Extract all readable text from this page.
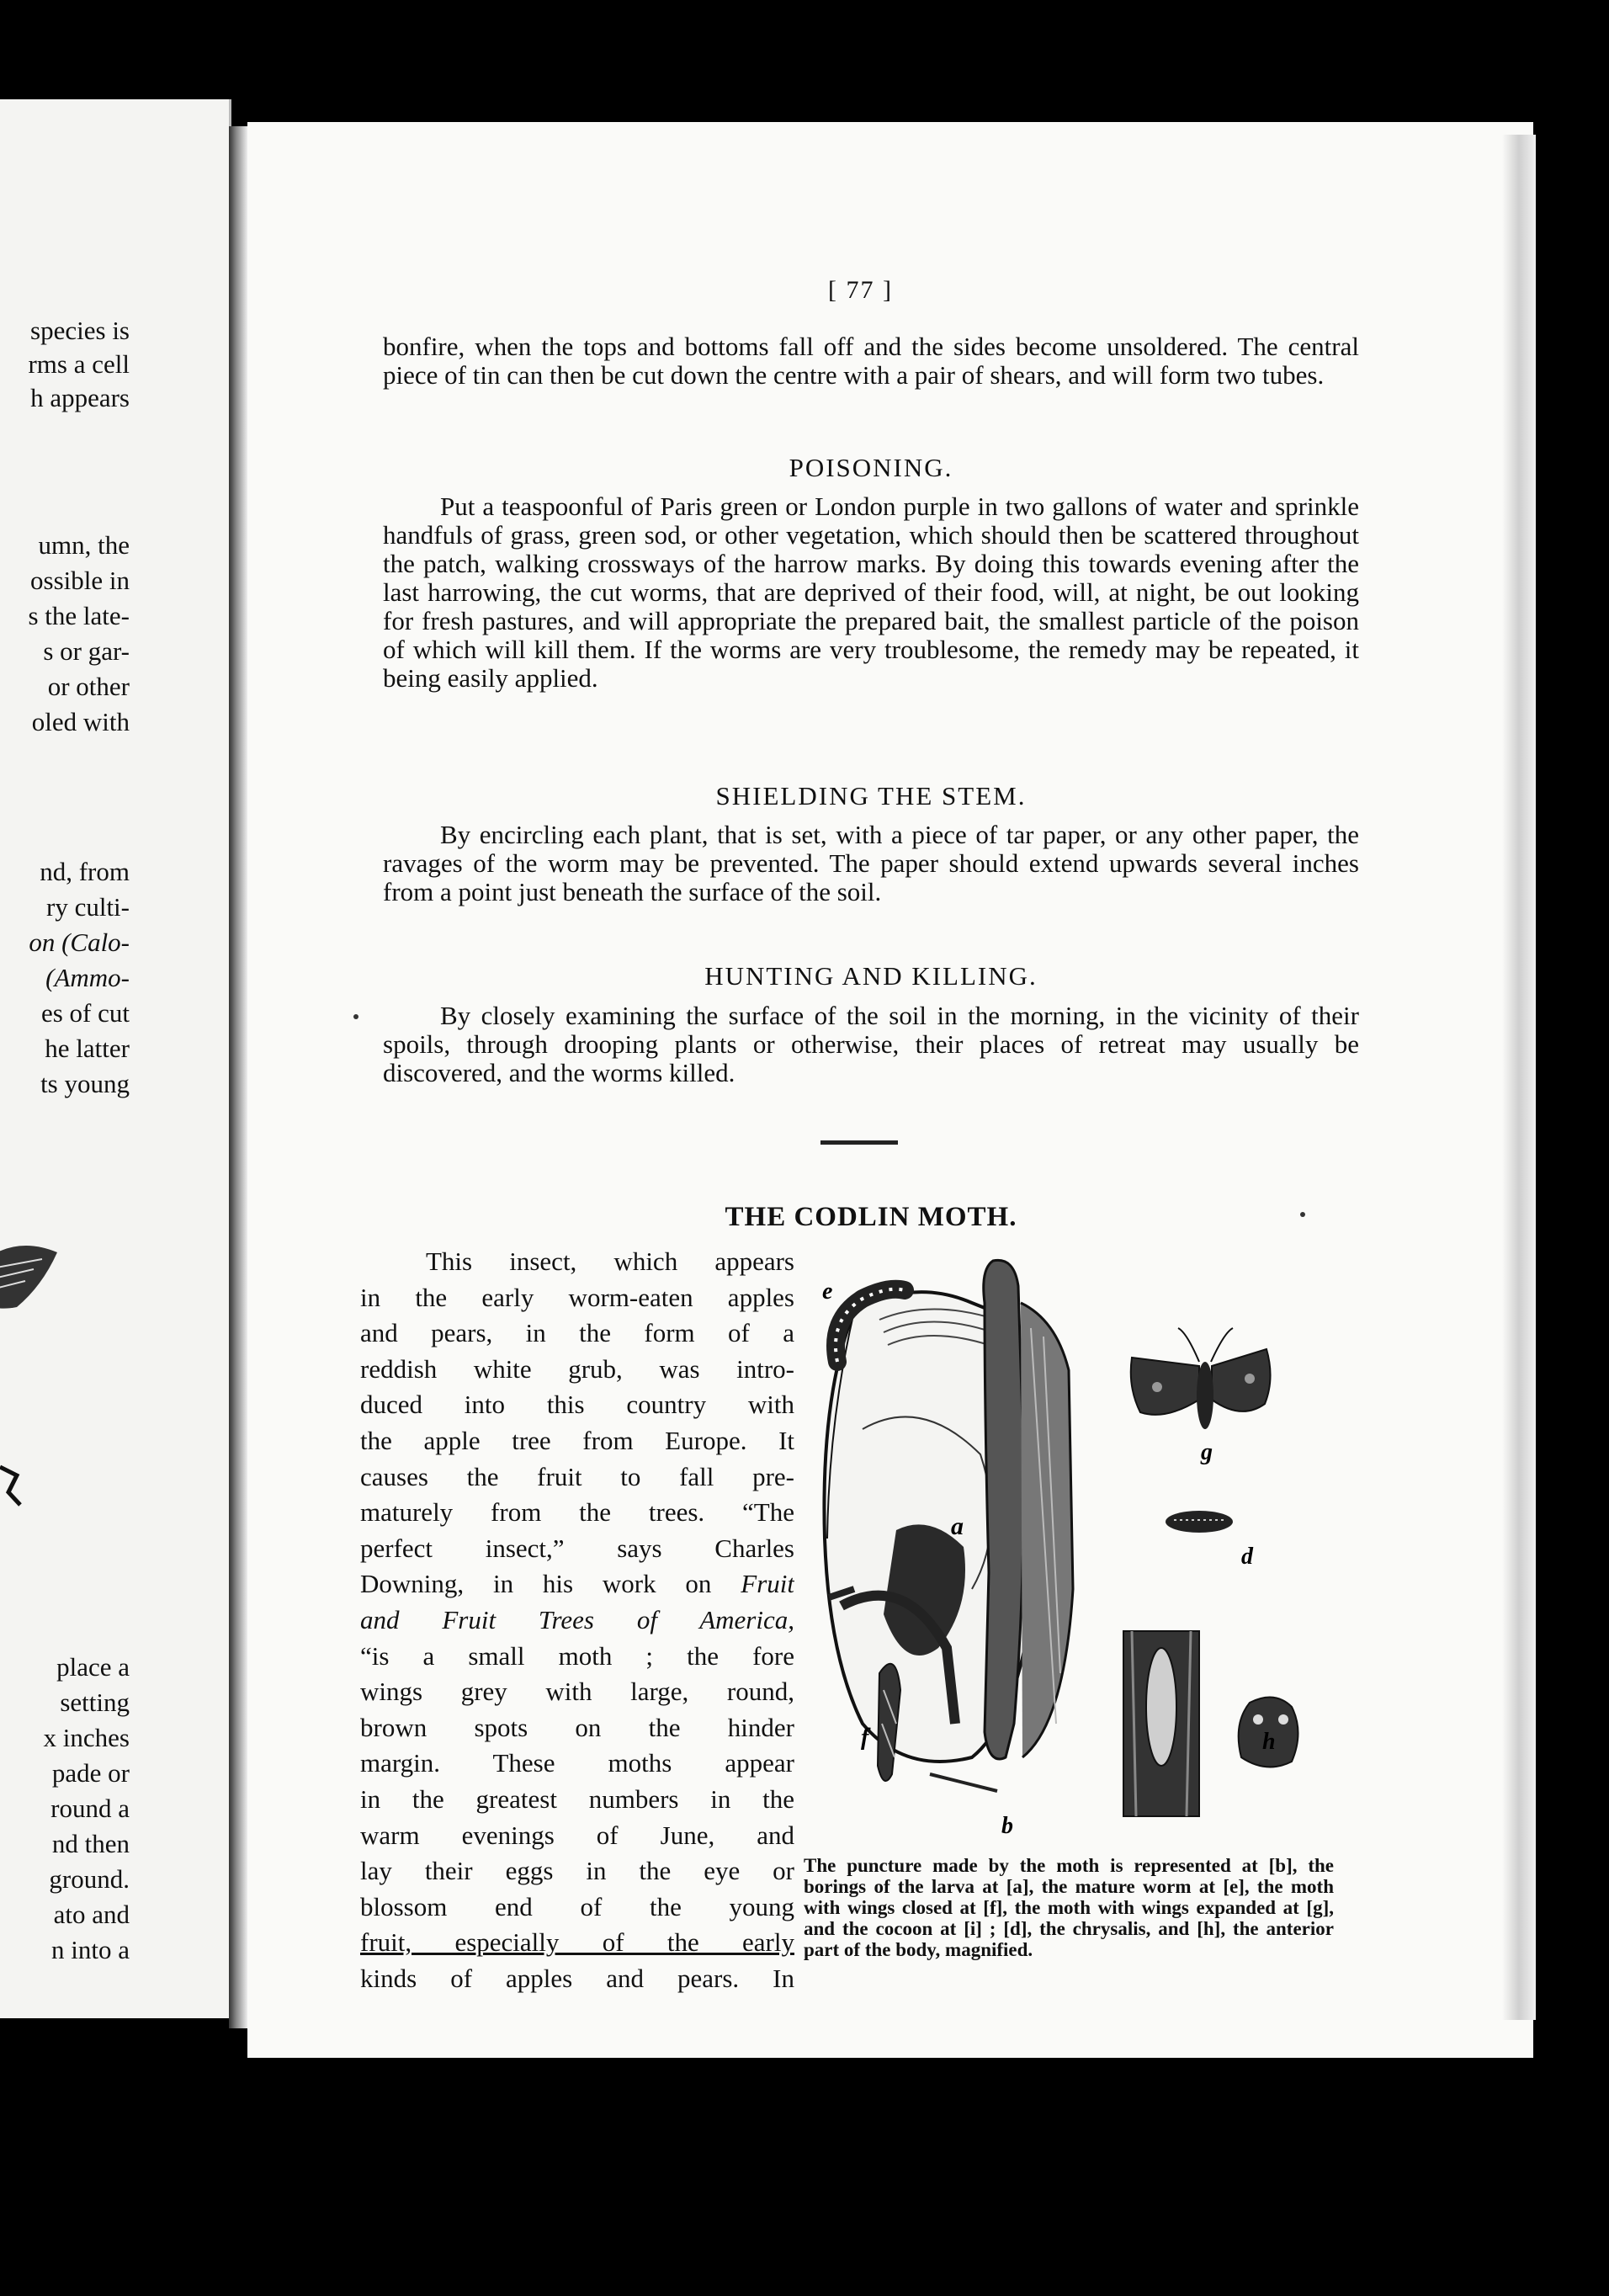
species is
rms a cell
h appears
umn, the
ossible in
s the late-
s or gar-
or other
oled with
nd, from
ry culti-
on (Calo-
(Ammo-
es of cut
he latter
ts young
place a
setting
x inches
pade or
round a
nd then
ground.
ato and
n into a
[ 77 ]

bonfire, when the tops and bottoms fall off and the sides become unsoldered. The central piece of tin can then be cut down the centre with a pair of shears, and will form two tubes.

POISONING.

Put a teaspoonful of Paris green or London purple in two gallons of water and sprinkle handfuls of grass, green sod, or other vegetation, which should then be scattered throughout the patch, walking crossways of the harrow marks. By doing this towards evening after the last harrowing, the cut worms, that are deprived of their food, will, at night, be out looking for fresh pastures, and will appropriate the prepared bait, the smallest particle of the poison of which will kill them. If the worms are very troublesome, the remedy may be repeated, it being easily applied.

SHIELDING THE STEM.

By encircling each plant, that is set, with a piece of tar paper, or any other paper, the ravages of the worm may be prevented. The paper should extend upwards several inches from a point just beneath the surface of the soil.

HUNTING AND KILLING.

By closely examining the surface of the soil in the morning, in the vicinity of their spoils, through drooping plants or otherwise, their places of retreat may usually be discovered, and the worms killed.

THE CODLIN MOTH.
This insect, which appears
in the early worm-eaten apples
and pears, in the form of a
reddish white grub, was intro-
duced into this country with
the apple tree from Europe. It
causes the fruit to fall pre-
maturely from the trees. “The
perfect insect,” says Charles
Downing, in his work on Fruit
and Fruit Trees of America,
“is a small moth ; the fore
wings grey with large, round,
brown spots on the hinder
margin. These moths appear
in the greatest numbers in the
warm evenings of June, and
lay their eggs in the eye or
blossom end of the young
fruit, especially of the early
kinds of apples and pears. In
e
a
b
f
g
d
h

The puncture made by the moth is represented at [b], the borings of the larva at [a], the mature worm at [e], the moth with wings closed at [f], the moth with wings expanded at [g], and the cocoon at [i] ; [d], the chrysalis, and [h], the anterior part of the body, magnified.
